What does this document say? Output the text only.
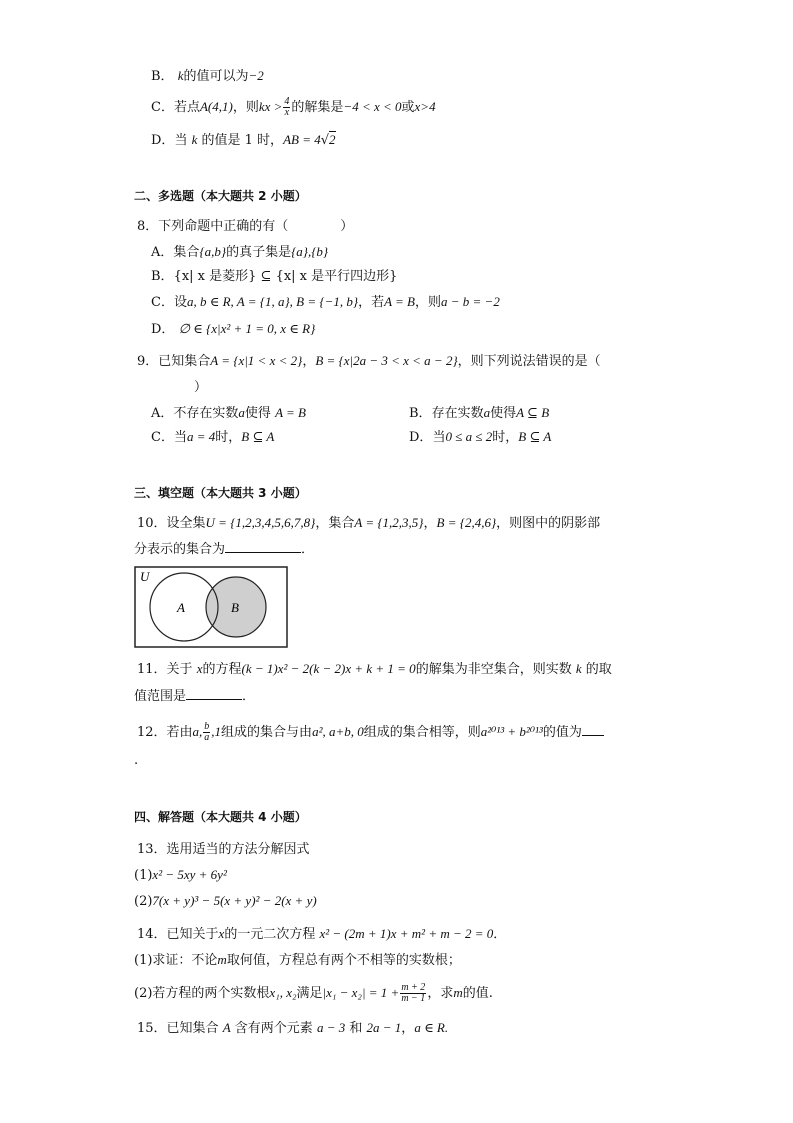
B． k的值可以为−2
C．若点A(4,1)，则kx > $\frac{4}{x}$ 的解集是−4 < x < 0或x>4
D．当 k 的值是 1 时，AB = 4√2
二、多选题（本大题共 2 小题）
8．下列命题中正确的有（　　　　）
A．集合{a,b}的真子集是{a},{b}
B．{x| x 是菱形} ⊆ {x| x 是平行四边形}
C．设a, b ∈ R, A = {1, a}, B = {−1, b}，若A = B，则a − b = −2
D． ∅ ∈ {x|x² + 1 = 0, x ∈ R}
9．已知集合A = {x|1 < x < 2}，B = {x|2a − 3 < x < a − 2}，则下列说法错误的是（
）
A．不存在实数a使得 A = B	B．存在实数a使得A ⊆ B
C．当a = 4时，B ⊆ A	D．当0 ≤ a ≤ 2时，B ⊆ A
三、填空题（本大题共 3 小题）
10．设全集U = {1,2,3,4,5,6,7,8}，集合A = {1,2,3,5}，B = {2,4,6}，则图中的阴影部
分表示的集合为	．
U
A	B
11．关于 x的方程(k − 1)x² − 2(k − 2)x + k + 1 = 0的解集为非空集合，则实数 k 的取
值范围是	．
12．若由a, $\frac{b}{a} ,1$组成的集合与由a², a+b, 0组成的集合相等，则a²⁰¹³ + b²⁰¹³的值为
.
四、解答题（本大题共 4 小题）
13．选用适当的方法分解因式
(1)x² − 5xy + 6y²
(2)7(x + y)³ − 5(x + y)² − 2(x + y)
14．已知关于x的一元二次方程 x² − (2m + 1)x + m² + m − 2 = 0．
(1)求证：不论m取何值，方程总有两个不相等的实数根；
(2)若方程的两个实数根x₁, x₂满足$|x_1 - x_2| = 1 + \frac{m + 2}{m - 1}$ ，求m的值.
15．已知集合 A 含有两个元素 a − 3 和 2a − 1，a ∈ R.
